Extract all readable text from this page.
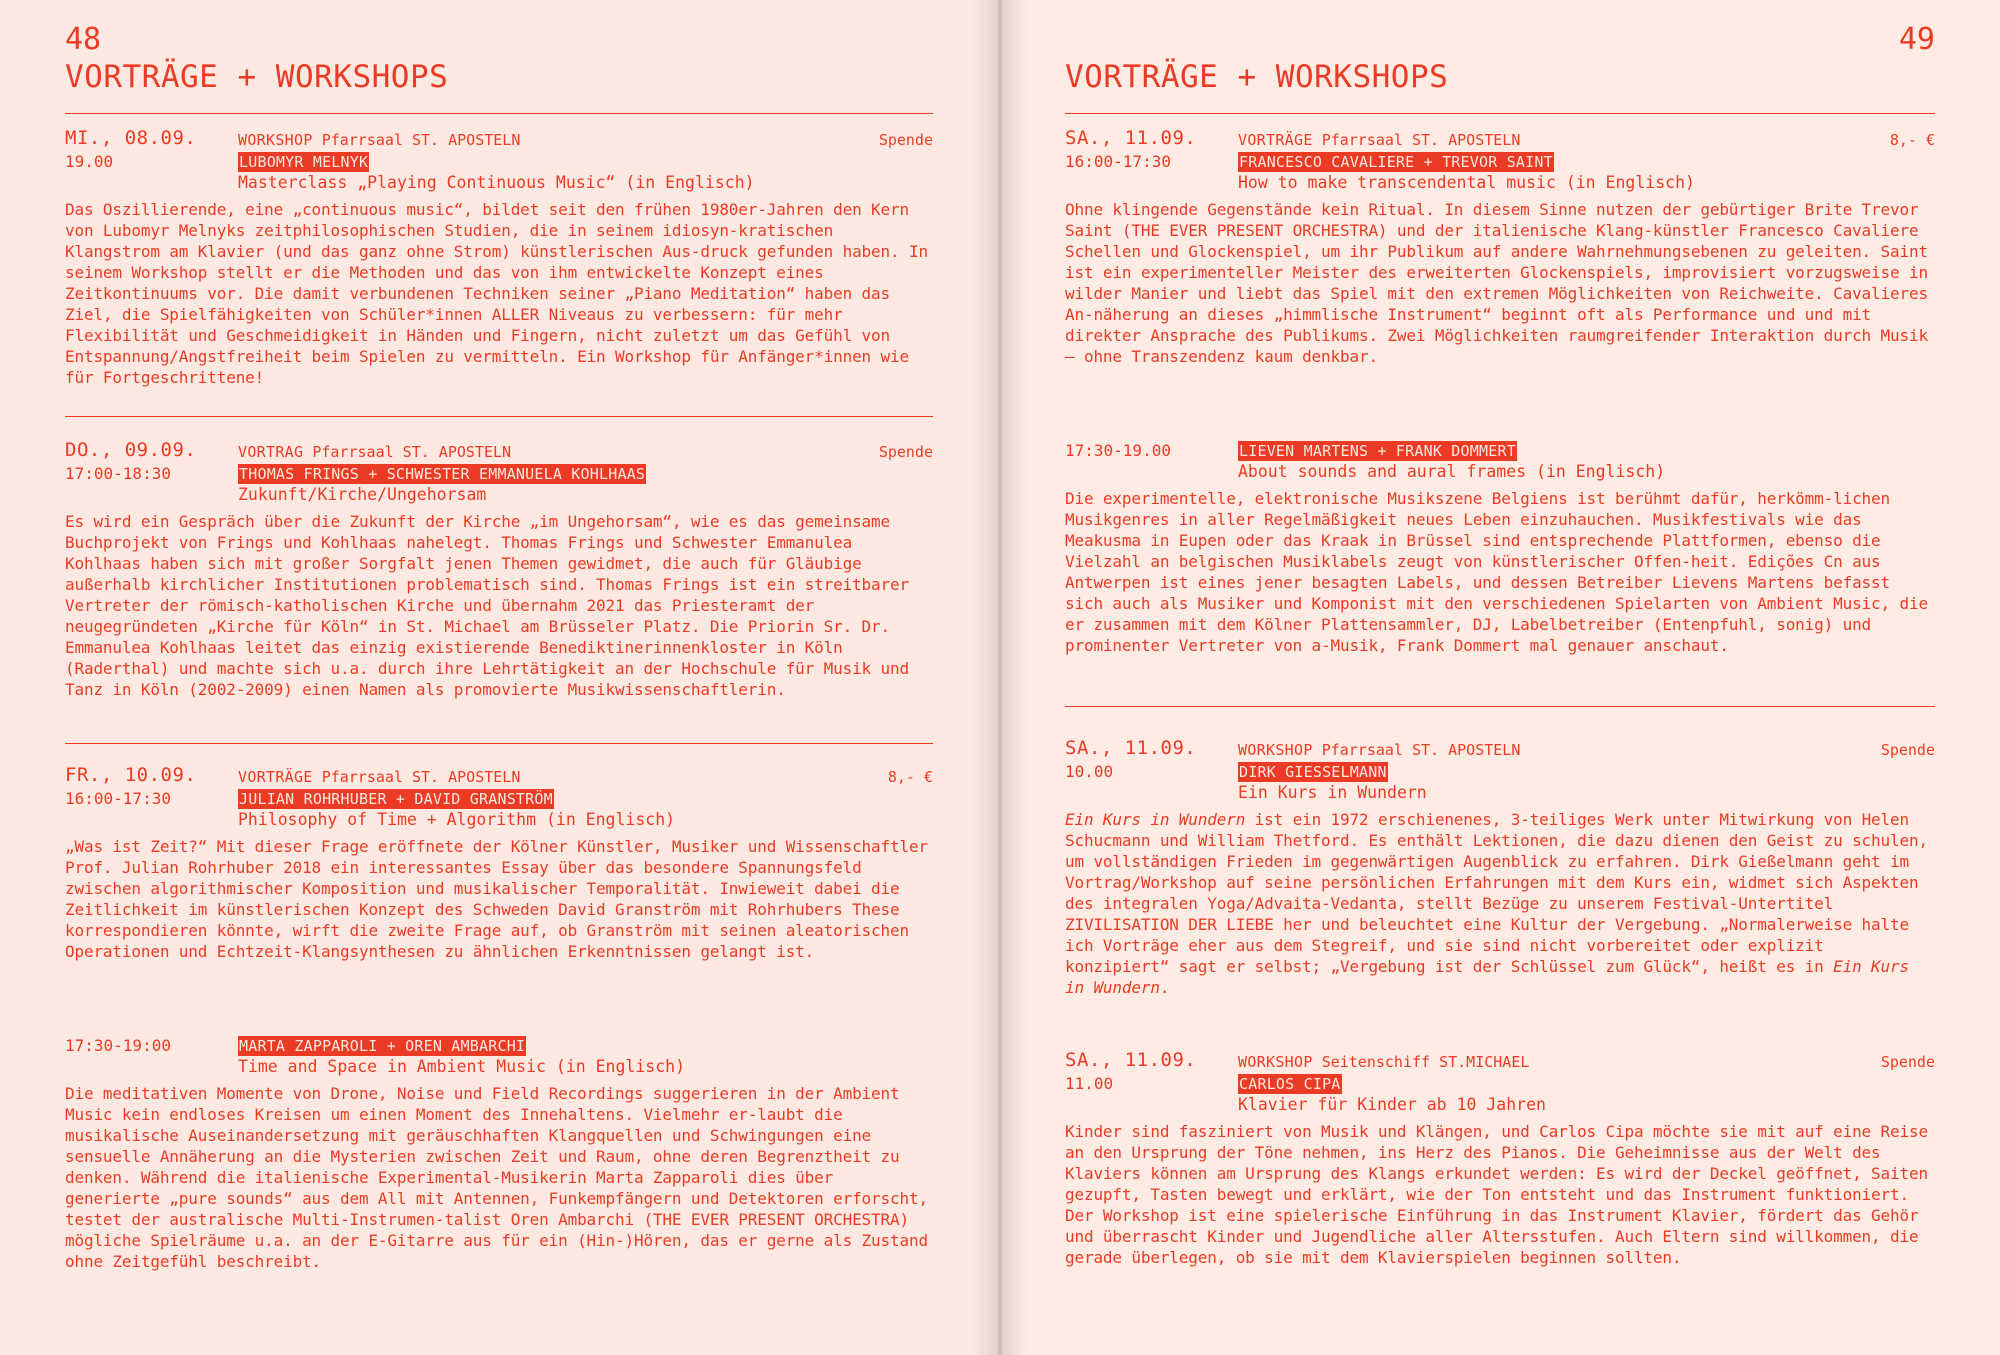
48
VORTRÄGE + WORKSHOPS
MI., 08.09.	WORKSHOP Pfarrsaal ST. APOSTELN	Spende
19.00	LUBOMYR MELNYK
Masterclass „Playing Continuous Music“ (in Englisch)
Das Oszillierende, eine „continuous music“, bildet seit den frühen 1980er-Jahren den Kern von Lubomyr Melnyks zeitphilosophischen Studien, die in seinem idiosyn-kratischen Klangstrom am Klavier (und das ganz ohne Strom) künstlerischen Aus-druck gefunden haben. In seinem Workshop stellt er die Methoden und das von ihm entwickelte Konzept eines Zeitkontinuums vor. Die damit verbundenen Techniken seiner „Piano Meditation“ haben das Ziel, die Spielfähigkeiten von Schüler*innen ALLER Niveaus zu verbessern: für mehr Flexibilität und Geschmeidigkeit in Händen und Fingern, nicht zuletzt um das Gefühl von Entspannung/Angstfreiheit beim Spielen zu vermitteln. Ein Workshop für Anfänger*innen wie für Fortgeschrittene!
DO., 09.09.	VORTRAG Pfarrsaal ST. APOSTELN	Spende
17:00-18:30	THOMAS FRINGS + SCHWESTER EMMANUELA KOHLHAAS
Zukunft/Kirche/Ungehorsam
Es wird ein Gespräch über die Zukunft der Kirche „im Ungehorsam“, wie es das gemeinsame Buchprojekt von Frings und Kohlhaas nahelegt. Thomas Frings und Schwester Emmanulea Kohlhaas haben sich mit großer Sorgfalt jenen Themen gewidmet, die auch für Gläubige außerhalb kirchlicher Institutionen problematisch sind. Thomas Frings ist ein streitbarer Vertreter der römisch-katholischen Kirche und übernahm 2021 das Priesteramt der neugegründeten „Kirche für Köln“ in St. Michael am Brüsseler Platz. Die Priorin Sr. Dr. Emmanulea Kohlhaas leitet das einzig existierende Benediktinerinnenkloster in Köln (Raderthal) und machte sich u.a. durch ihre Lehrtätigkeit an der Hochschule für Musik und Tanz in Köln (2002-2009) einen Namen als promovierte Musikwissenschaftlerin.
FR., 10.09.	VORTRÄGE Pfarrsaal ST. APOSTELN	8,- €
16:00-17:30	JULIAN ROHRHUBER + DAVID GRANSTRÖM
Philosophy of Time + Algorithm (in Englisch)
„Was ist Zeit?“ Mit dieser Frage eröffnete der Kölner Künstler, Musiker und Wissenschaftler Prof. Julian Rohrhuber 2018 ein interessantes Essay über das besondere Spannungsfeld zwischen algorithmischer Komposition und musikalischer Temporalität. Inwieweit dabei die Zeitlichkeit im künstlerischen Konzept des Schweden David Granström mit Rohrhubers These korrespondieren könnte, wirft die zweite Frage auf, ob Granström mit seinen aleatorischen Operationen und Echtzeit-Klangsynthesen zu ähnlichen Erkenntnissen gelangt ist.
17:30-19:00	MARTA ZAPPAROLI + OREN AMBARCHI
Time and Space in Ambient Music (in Englisch)
Die meditativen Momente von Drone, Noise und Field Recordings suggerieren in der Ambient Music kein endloses Kreisen um einen Moment des Innehaltens. Vielmehr er-laubt die musikalische Auseinandersetzung mit geräuschhaften Klangquellen und Schwingungen eine sensuelle Annäherung an die Mysterien zwischen Zeit und Raum, ohne deren Begrenztheit zu denken. Während die italienische Experimental-Musikerin Marta Zapparoli dies über generierte „pure sounds“ aus dem All mit Antennen, Funkempfängern und Detektoren erforscht, testet der australische Multi-Instrumen-talist Oren Ambarchi (THE EVER PRESENT ORCHESTRA) mögliche Spielräume u.a. an der E-Gitarre aus für ein (Hin-)Hören, das er gerne als Zustand ohne Zeitgefühl beschreibt.
49
VORTRÄGE + WORKSHOPS
SA., 11.09.	VORTRÄGE Pfarrsaal ST. APOSTELN	8,- €
16:00-17:30	FRANCESCO CAVALIERE + TREVOR SAINT
How to make transcendental music (in Englisch)
Ohne klingende Gegenstände kein Ritual. In diesem Sinne nutzen der gebürtiger Brite Trevor Saint (THE EVER PRESENT ORCHESTRA) und der italienische Klang-künstler Francesco Cavaliere Schellen und Glockenspiel, um ihr Publikum auf andere Wahrnehmungsebenen zu geleiten. Saint ist ein experimenteller Meister des erweiterten Glockenspiels, improvisiert vorzugsweise in wilder Manier und liebt das Spiel mit den extremen Möglichkeiten von Reichweite. Cavalieres An-näherung an dieses „himmlische Instrument“ beginnt oft als Performance und und mit direkter Ansprache des Publikums. Zwei Möglichkeiten raumgreifender Interaktion durch Musik – ohne Transzendenz kaum denkbar.
17:30-19.00	LIEVEN MARTENS + FRANK DOMMERT
About sounds and aural frames (in Englisch)
Die experimentelle, elektronische Musikszene Belgiens ist berühmt dafür, herkömm-lichen Musikgenres in aller Regelmäßigkeit neues Leben einzuhauchen. Musikfestivals wie das Meakusma in Eupen oder das Kraak in Brüssel sind entsprechende Plattformen, ebenso die Vielzahl an belgischen Musiklabels zeugt von künstlerischer Offen-heit. Edições Cn aus Antwerpen ist eines jener besagten Labels, und dessen Betreiber Lievens Martens befasst sich auch als Musiker und Komponist mit den verschiedenen Spielarten von Ambient Music, die er zusammen mit dem Kölner Plattensammler, DJ, Labelbetreiber (Entenpfuhl, sonig) und prominenter Vertreter von a-Musik, Frank Dommert mal genauer anschaut.
SA., 11.09.	WORKSHOP Pfarrsaal ST. APOSTELN	Spende
10.00	DIRK GIESSELMANN
Ein Kurs in Wundern
Ein Kurs in Wundern ist ein 1972 erschienenes, 3-teiliges Werk unter Mitwirkung von Helen Schucmann und William Thetford. Es enthält Lektionen, die dazu dienen den Geist zu schulen, um vollständigen Frieden im gegenwärtigen Augenblick zu erfahren. Dirk Gießelmann geht im Vortrag/Workshop auf seine persönlichen Erfahrungen mit dem Kurs ein, widmet sich Aspekten des integralen Yoga/Advaita-Vedanta, stellt Bezüge zu unserem Festival-Untertitel ZIVILISATION DER LIEBE her und beleuchtet eine Kultur der Vergebung. „Normalerweise halte ich Vorträge eher aus dem Stegreif, und sie sind nicht vorbereitet oder explizit konzipiert“ sagt er selbst; „Vergebung ist der Schlüssel zum Glück“, heißt es in Ein Kurs in Wundern.
SA., 11.09.	WORKSHOP Seitenschiff ST.MICHAEL	Spende
11.00	CARLOS CIPA
Klavier für Kinder ab 10 Jahren
Kinder sind fasziniert von Musik und Klängen, und Carlos Cipa möchte sie mit auf eine Reise an den Ursprung der Töne nehmen, ins Herz des Pianos. Die Geheimnisse aus der Welt des Klaviers können am Ursprung des Klangs erkundet werden: Es wird der Deckel geöffnet, Saiten gezupft, Tasten bewegt und erklärt, wie der Ton entsteht und das Instrument funktioniert. Der Workshop ist eine spielerische Einführung in das Instrument Klavier, fördert das Gehör und überrascht Kinder und Jugendliche aller Altersstufen. Auch Eltern sind willkommen, die gerade überlegen, ob sie mit dem Klavierspielen beginnen sollten.
